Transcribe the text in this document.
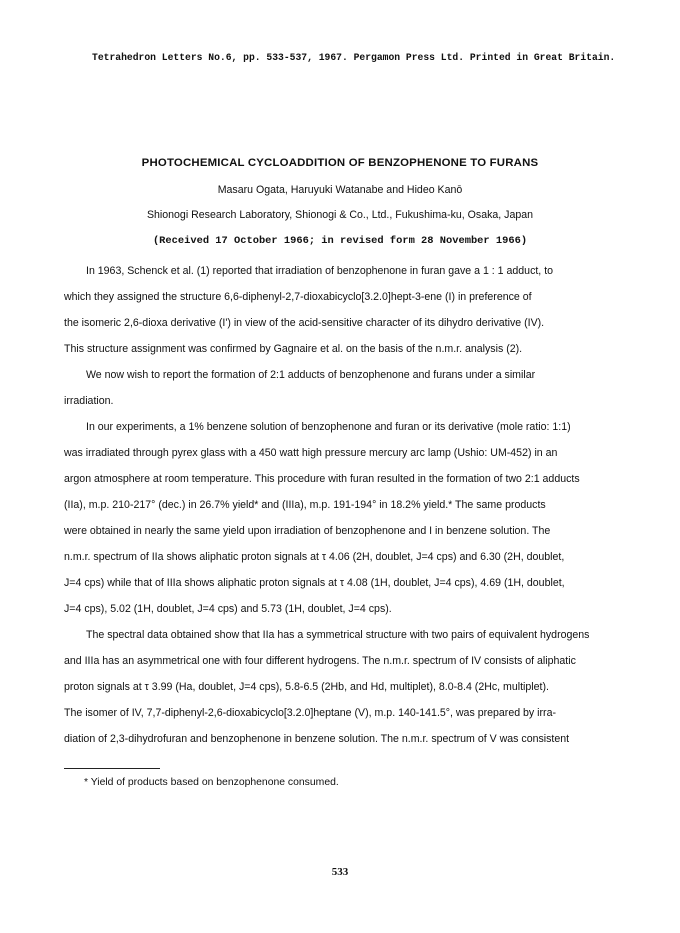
Tetrahedron Letters No.6, pp. 533-537, 1967. Pergamon Press Ltd. Printed in Great Britain.
PHOTOCHEMICAL CYCLOADDITION OF BENZOPHENONE TO FURANS
Masaru Ogata, Haruyuki Watanabe and Hideo Kanō
Shionogi Research Laboratory, Shionogi & Co., Ltd., Fukushima-ku, Osaka, Japan
(Received 17 October 1966; in revised form 28 November 1966)
In 1963, Schenck et al. (1) reported that irradiation of benzophenone in furan gave a 1 : 1 adduct, to
which they assigned the structure 6,6-diphenyl-2,7-dioxabicyclo[3.2.0]hept-3-ene (I) in preference of
the isomeric 2,6-dioxa derivative (I') in view of the acid-sensitive character of its dihydro derivative (IV).
This structure assignment was confirmed by Gagnaire et al. on the basis of the n.m.r. analysis (2).
We now wish to report the formation of 2:1 adducts of benzophenone and furans under a similar
irradiation.
In our experiments, a 1% benzene solution of benzophenone and furan or its derivative (mole ratio: 1:1)
was irradiated through pyrex glass with a 450 watt high pressure mercury arc lamp (Ushio: UM-452) in an
argon atmosphere at room temperature. This procedure with furan resulted in the formation of two 2:1 adducts
(IIa), m.p. 210-217° (dec.) in 26.7% yield* and (IIIa), m.p. 191-194° in 18.2% yield.* The same products
were obtained in nearly the same yield upon irradiation of benzophenone and I in benzene solution. The
n.m.r. spectrum of IIa shows aliphatic proton signals at τ 4.06 (2H, doublet, J=4 cps) and 6.30 (2H, doublet,
J=4 cps) while that of IIIa shows aliphatic proton signals at τ 4.08 (1H, doublet, J=4 cps), 4.69 (1H, doublet,
J=4 cps), 5.02 (1H, doublet, J=4 cps) and 5.73 (1H, doublet, J=4 cps).
The spectral data obtained show that IIa has a symmetrical structure with two pairs of equivalent hydrogens
and IIIa has an asymmetrical one with four different hydrogens. The n.m.r. spectrum of IV consists of aliphatic
proton signals at τ 3.99 (Ha, doublet, J=4 cps), 5.8-6.5 (2Hb, and Hd, multiplet), 8.0-8.4 (2Hc, multiplet).
The isomer of IV, 7,7-diphenyl-2,6-dioxabicyclo[3.2.0]heptane (V), m.p. 140-141.5°, was prepared by irra-
diation of 2,3-dihydrofuran and benzophenone in benzene solution. The n.m.r. spectrum of V was consistent
* Yield of products based on benzophenone consumed.
533
